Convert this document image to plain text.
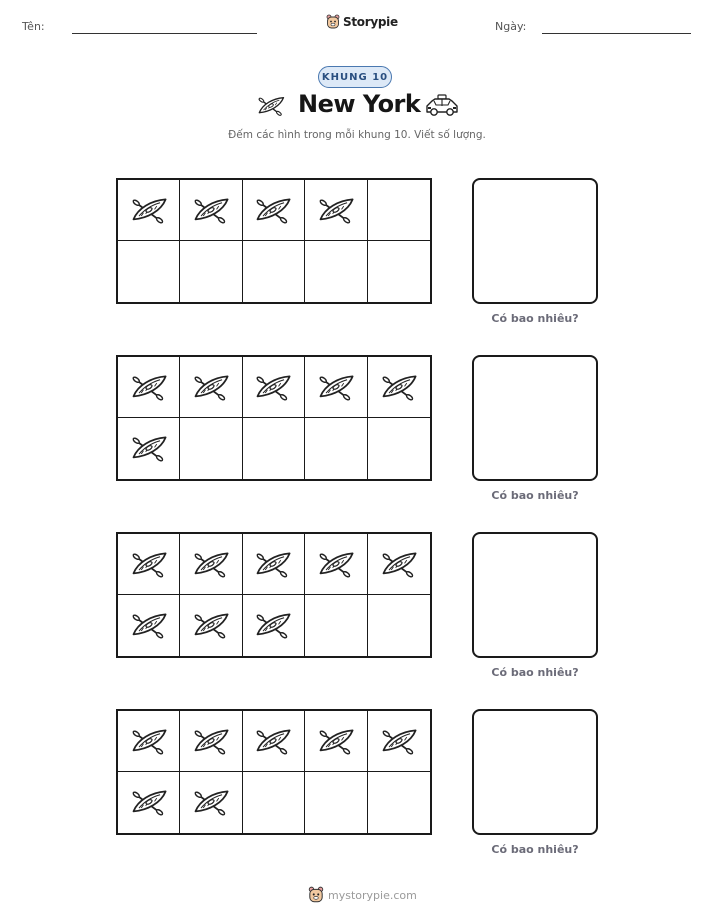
Tên:	Storypie	Ngày:
KHUNG 10
New York
Đếm các hình trong mỗi khung 10. Viết số lượng.
Có bao nhiêu?
Có bao nhiêu?
Có bao nhiêu?
Có bao nhiêu?
mystorypie.com
